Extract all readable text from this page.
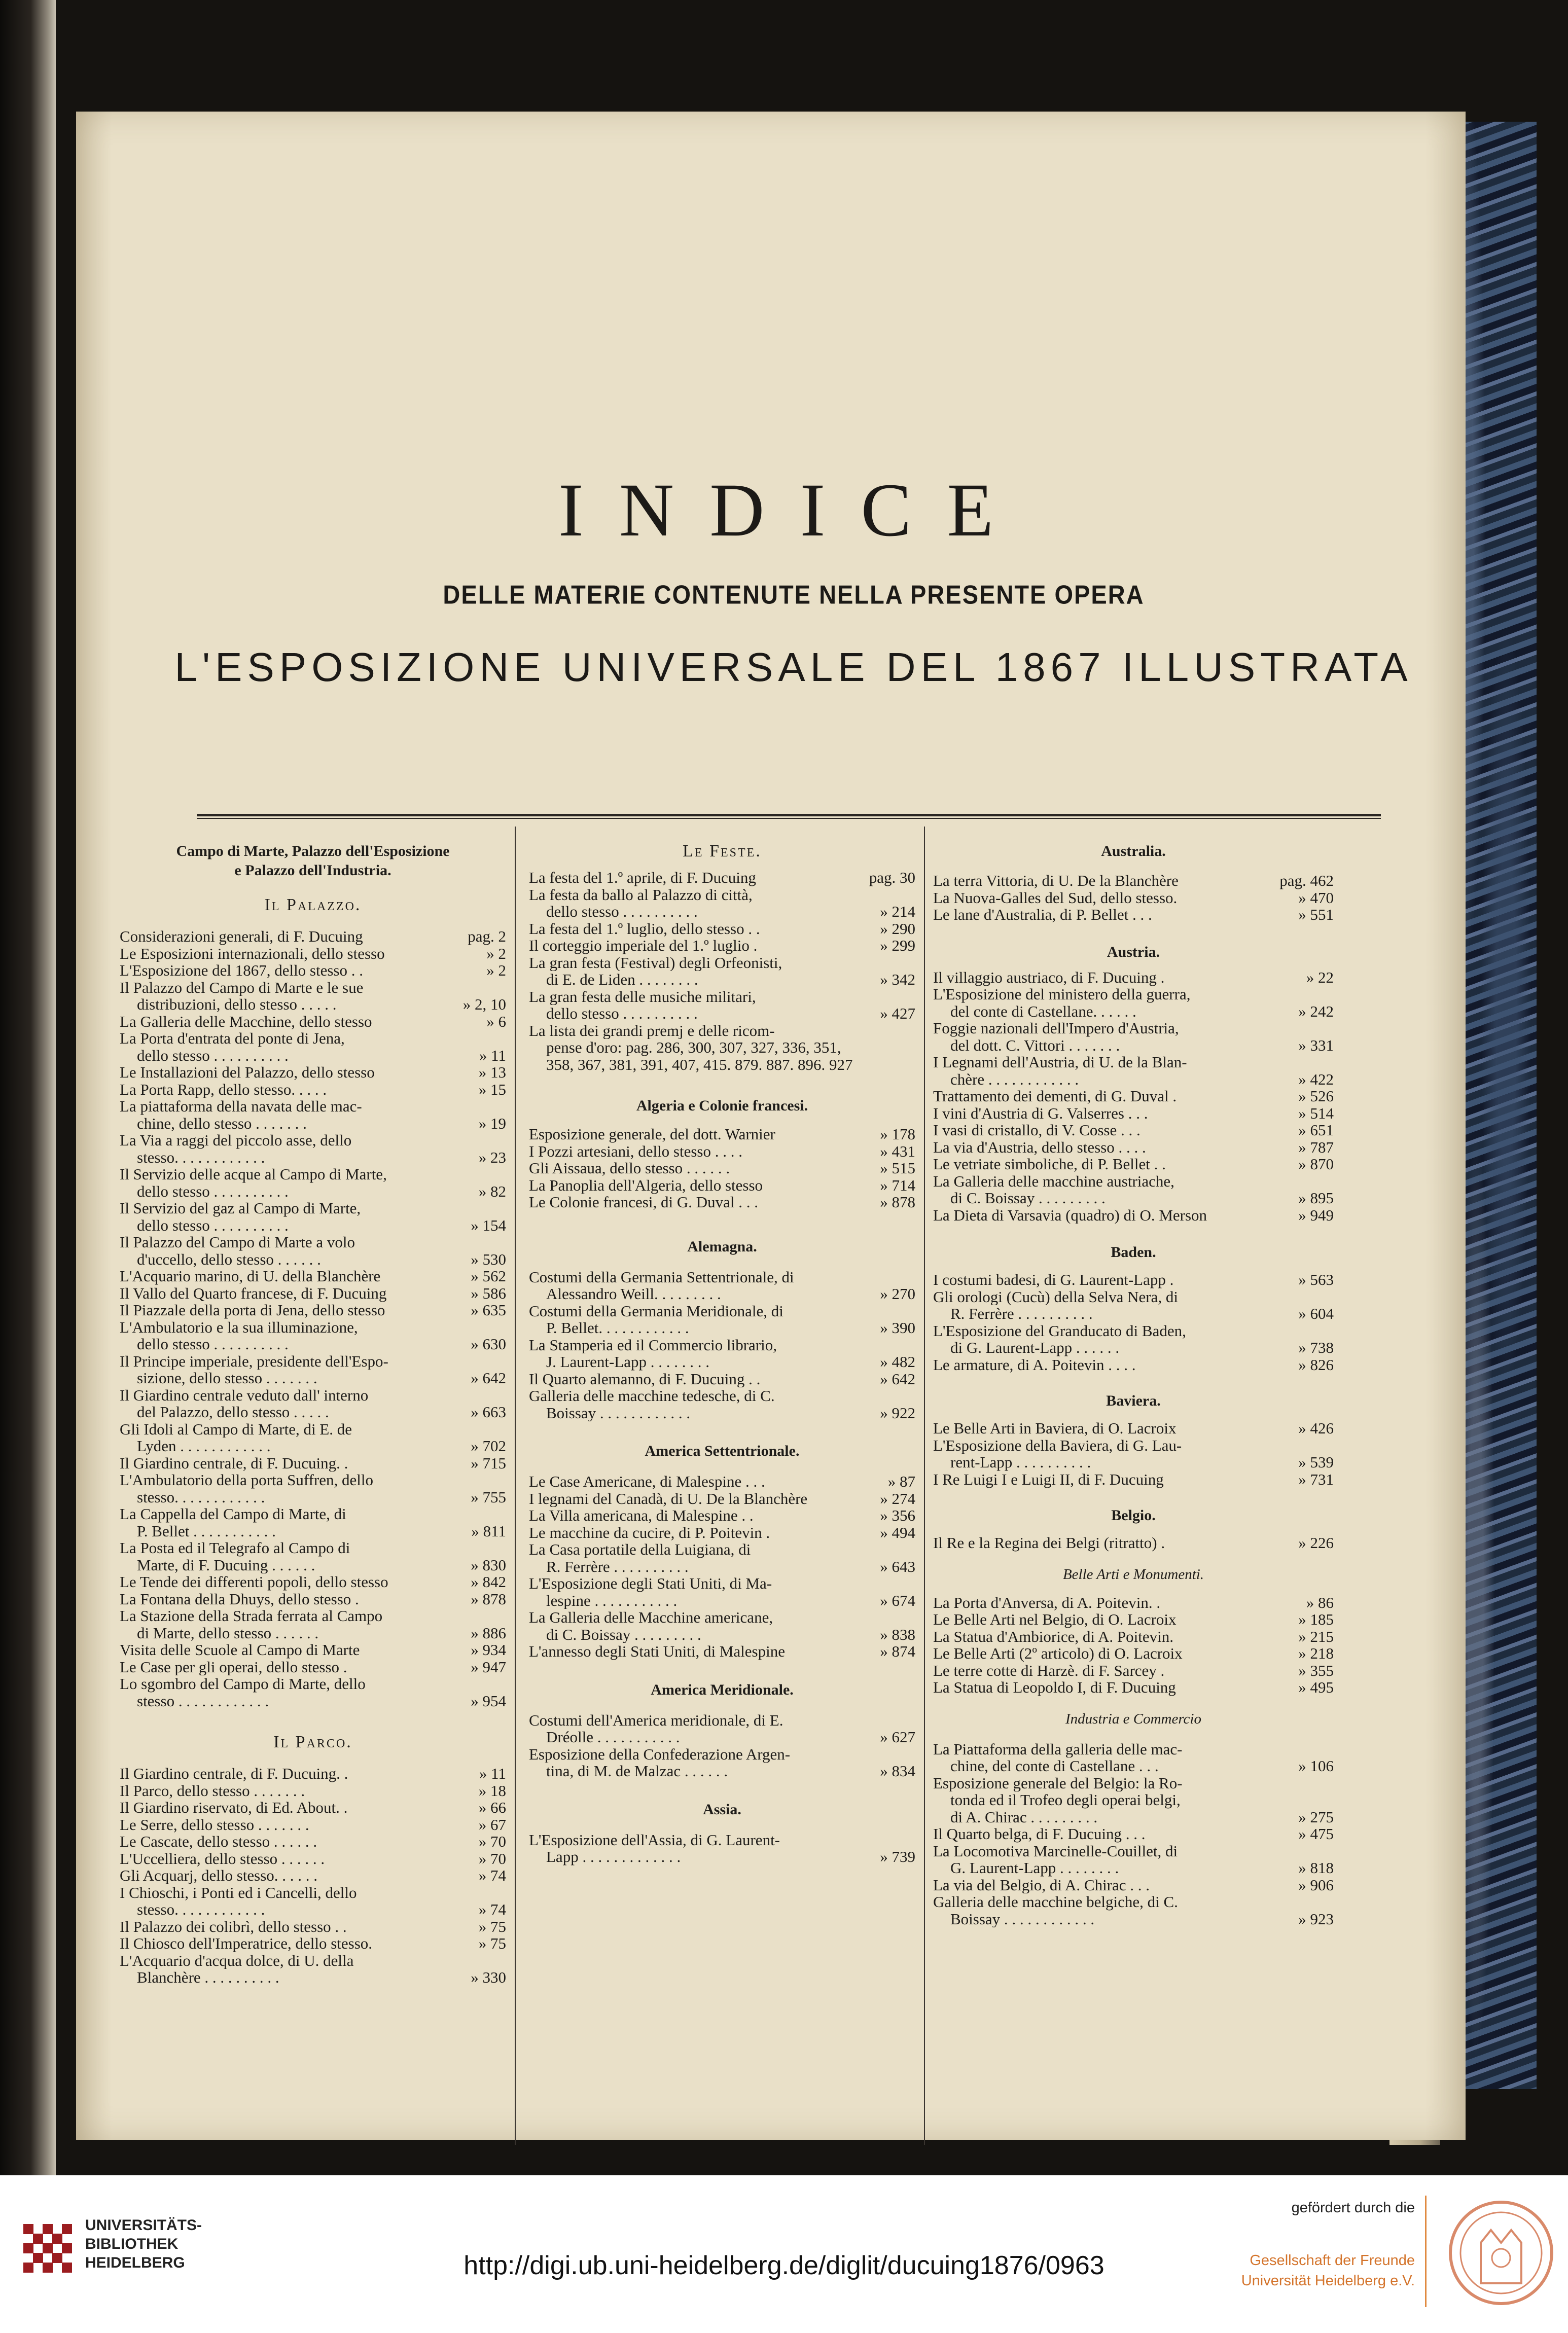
INDICE
DELLE MATERIE CONTENUTE NELLA PRESENTE OPERA
L'ESPOSIZIONE UNIVERSALE DEL 1867 ILLUSTRATA
Campo di Marte, Palazzo dell'Esposizione
e Palazzo dell'Industria.
Il Palazzo.
Considerazioni generali, di F. Ducuing	pag. 2
Le Esposizioni internazionali, dello stesso	» 2
L'Esposizione del 1867, dello stesso . .	» 2
Il Palazzo del Campo di Marte e le sue
distribuzioni, dello stesso . . . . .	» 2, 10
La Galleria delle Macchine, dello stesso	» 6
La Porta d'entrata del ponte di Jena,
dello stesso . . . . . . . . . .	» 11
Le Installazioni del Palazzo, dello stesso	» 13
La Porta Rapp, dello stesso. . . . .	» 15
La piattaforma della navata delle mac-
chine, dello stesso . . . . . . .	» 19
La Via a raggi del piccolo asse, dello
stesso. . . . . . . . . . . .	» 23
Il Servizio delle acque al Campo di Marte,
dello stesso . . . . . . . . . .	» 82
Il Servizio del gaz al Campo di Marte,
dello stesso . . . . . . . . . .	» 154
Il Palazzo del Campo di Marte a volo
d'uccello, dello stesso . . . . . .	» 530
L'Acquario marino, di U. della Blanchère	» 562
Il Vallo del Quarto francese, di F. Ducuing	» 586
Il Piazzale della porta di Jena, dello stesso	» 635
L'Ambulatorio e la sua illuminazione,
dello stesso . . . . . . . . . .	» 630
Il Principe imperiale, presidente dell'Espo-
sizione, dello stesso . . . . . . .	» 642
Il Giardino centrale veduto dall' interno
del Palazzo, dello stesso . . . . .	» 663
Gli Idoli al Campo di Marte, di E. de
Lyden . . . . . . . . . . . .	» 702
Il Giardino centrale, di F. Ducuing. .	» 715
L'Ambulatorio della porta Suffren, dello
stesso. . . . . . . . . . . .	» 755
La Cappella del Campo di Marte, di
P. Bellet . . . . . . . . . . .	» 811
La Posta ed il Telegrafo al Campo di
Marte, di F. Ducuing . . . . . .	» 830
Le Tende dei differenti popoli, dello stesso	» 842
La Fontana della Dhuys, dello stesso .	» 878
La Stazione della Strada ferrata al Campo
di Marte, dello stesso . . . . . .	» 886
Visita delle Scuole al Campo di Marte	» 934
Le Case per gli operai, dello stesso .	» 947
Lo sgombro del Campo di Marte, dello
stesso . . . . . . . . . . . .	» 954
Il Parco.
Il Giardino centrale, di F. Ducuing. .	» 11
Il Parco, dello stesso . . . . . . .	» 18
Il Giardino riservato, di Ed. About. .	» 66
Le Serre, dello stesso . . . . . . .	» 67
Le Cascate, dello stesso . . . . . .	» 70
L'Uccelliera, dello stesso . . . . . .	» 70
Gli Acquarj, dello stesso. . . . . .	» 74
I Chioschi, i Ponti ed i Cancelli, dello
stesso. . . . . . . . . . . .	» 74
Il Palazzo dei colibrì, dello stesso . .	» 75
Il Chiosco dell'Imperatrice, dello stesso.	» 75
L'Acquario d'acqua dolce, di U. della
Blanchère . . . . . . . . . .	» 330
Le Feste.
La festa del 1.º aprile, di F. Ducuing	pag. 30
La festa da ballo al Palazzo di città,
dello stesso . . . . . . . . . .	» 214
La festa del 1.º luglio, dello stesso . .	» 290
Il corteggio imperiale del 1.º luglio .	» 299
La gran festa (Festival) degli Orfeonisti,
di E. de Liden . . . . . . . .	» 342
La gran festa delle musiche militari,
dello stesso . . . . . . . . . .	» 427
La lista dei grandi premj e delle ricom-
pense d'oro: pag. 286, 300, 307, 327, 336, 351,
358, 367, 381, 391, 407, 415. 879. 887. 896. 927
Algeria e Colonie francesi.
Esposizione generale, del dott. Warnier	» 178
I Pozzi artesiani, dello stesso . . . .	» 431
Gli Aissaua, dello stesso . . . . . .	» 515
La Panoplia dell'Algeria, dello stesso	» 714
Le Colonie francesi, di G. Duval . . .	» 878
Alemagna.
Costumi della Germania Settentrionale, di
Alessandro Weill. . . . . . . . .	» 270
Costumi della Germania Meridionale, di
P. Bellet. . . . . . . . . . . .	» 390
La Stamperia ed il Commercio librario,
J. Laurent-Lapp . . . . . . . .	» 482
Il Quarto alemanno, di F. Ducuing . .	» 642
Galleria delle macchine tedesche, di C.
Boissay . . . . . . . . . . . .	» 922
America Settentrionale.
Le Case Americane, di Malespine . . .	» 87
I legnami del Canadà, di U. De la Blanchère	» 274
La Villa americana, di Malespine . .	» 356
Le macchine da cucire, di P. Poitevin .	» 494
La Casa portatile della Luigiana, di
R. Ferrère . . . . . . . . . .	» 643
L'Esposizione degli Stati Uniti, di Ma-
lespine . . . . . . . . . . .	» 674
La Galleria delle Macchine americane,
di C. Boissay . . . . . . . . .	» 838
L'annesso degli Stati Uniti, di Malespine	» 874
America Meridionale.
Costumi dell'America meridionale, di E.
Dréolle . . . . . . . . . . .	» 627
Esposizione della Confederazione Argen-
tina, di M. de Malzac . . . . . .	» 834
Assia.
L'Esposizione dell'Assia, di G. Laurent-
Lapp . . . . . . . . . . . . .	» 739
Australia.
La terra Vittoria, di U. De la Blanchère	pag. 462
La Nuova-Galles del Sud, dello stesso.	» 470
Le lane d'Australia, di P. Bellet . . .	» 551
Austria.
Il villaggio austriaco, di F. Ducuing .	» 22
L'Esposizione del ministero della guerra,
del conte di Castellane. . . . . .	» 242
Foggie nazionali dell'Impero d'Austria,
del dott. C. Vittori . . . . . . .	» 331
I Legnami dell'Austria, di U. de la Blan-
chère . . . . . . . . . . . .	» 422
Trattamento dei dementi, di G. Duval .	» 526
I vini d'Austria di G. Valserres . . .	» 514
I vasi di cristallo, di V. Cosse . . .	» 651
La via d'Austria, dello stesso . . . .	» 787
Le vetriate simboliche, di P. Bellet . .	» 870
La Galleria delle macchine austriache,
di C. Boissay . . . . . . . . .	» 895
La Dieta di Varsavia (quadro) di O. Merson	» 949
Baden.
I costumi badesi, di G. Laurent-Lapp .	» 563
Gli orologi (Cucù) della Selva Nera, di
R. Ferrère . . . . . . . . . .	» 604
L'Esposizione del Granducato di Baden,
di G. Laurent-Lapp . . . . . .	» 738
Le armature, di A. Poitevin . . . .	» 826
Baviera.
Le Belle Arti in Baviera, di O. Lacroix	» 426
L'Esposizione della Baviera, di G. Lau-
rent-Lapp . . . . . . . . . .	» 539
I Re Luigi I e Luigi II, di F. Ducuing	» 731
Belgio.
Il Re e la Regina dei Belgi (ritratto) .	» 226
Belle Arti e Monumenti.
La Porta d'Anversa, di A. Poitevin. .	» 86
Le Belle Arti nel Belgio, di O. Lacroix	» 185
La Statua d'Ambiorice, di A. Poitevin.	» 215
Le Belle Arti (2º articolo) di O. Lacroix	» 218
Le terre cotte di Harzè. di F. Sarcey .	» 355
La Statua di Leopoldo I, di F. Ducuing	» 495
Industria e Commercio
La Piattaforma della galleria delle mac-
chine, del conte di Castellane . . .	» 106
Esposizione generale del Belgio: la Ro-
tonda ed il Trofeo degli operai belgi,
di A. Chirac . . . . . . . . .	» 275
Il Quarto belga, di F. Ducuing . . .	» 475
La Locomotiva Marcinelle-Couillet, di
G. Laurent-Lapp . . . . . . . .	» 818
La via del Belgio, di A. Chirac . . .	» 906
Galleria delle macchine belgiche, di C.
Boissay . . . . . . . . . . . .	» 923
UNIVERSITÄTS-
BIBLIOTHEK
HEIDELBERG	http://digi.ub.uni-heidelberg.de/diglit/ducuing1876/0963
gefördert durch die
Gesellschaft der Freunde
Universität Heidelberg e.V.
